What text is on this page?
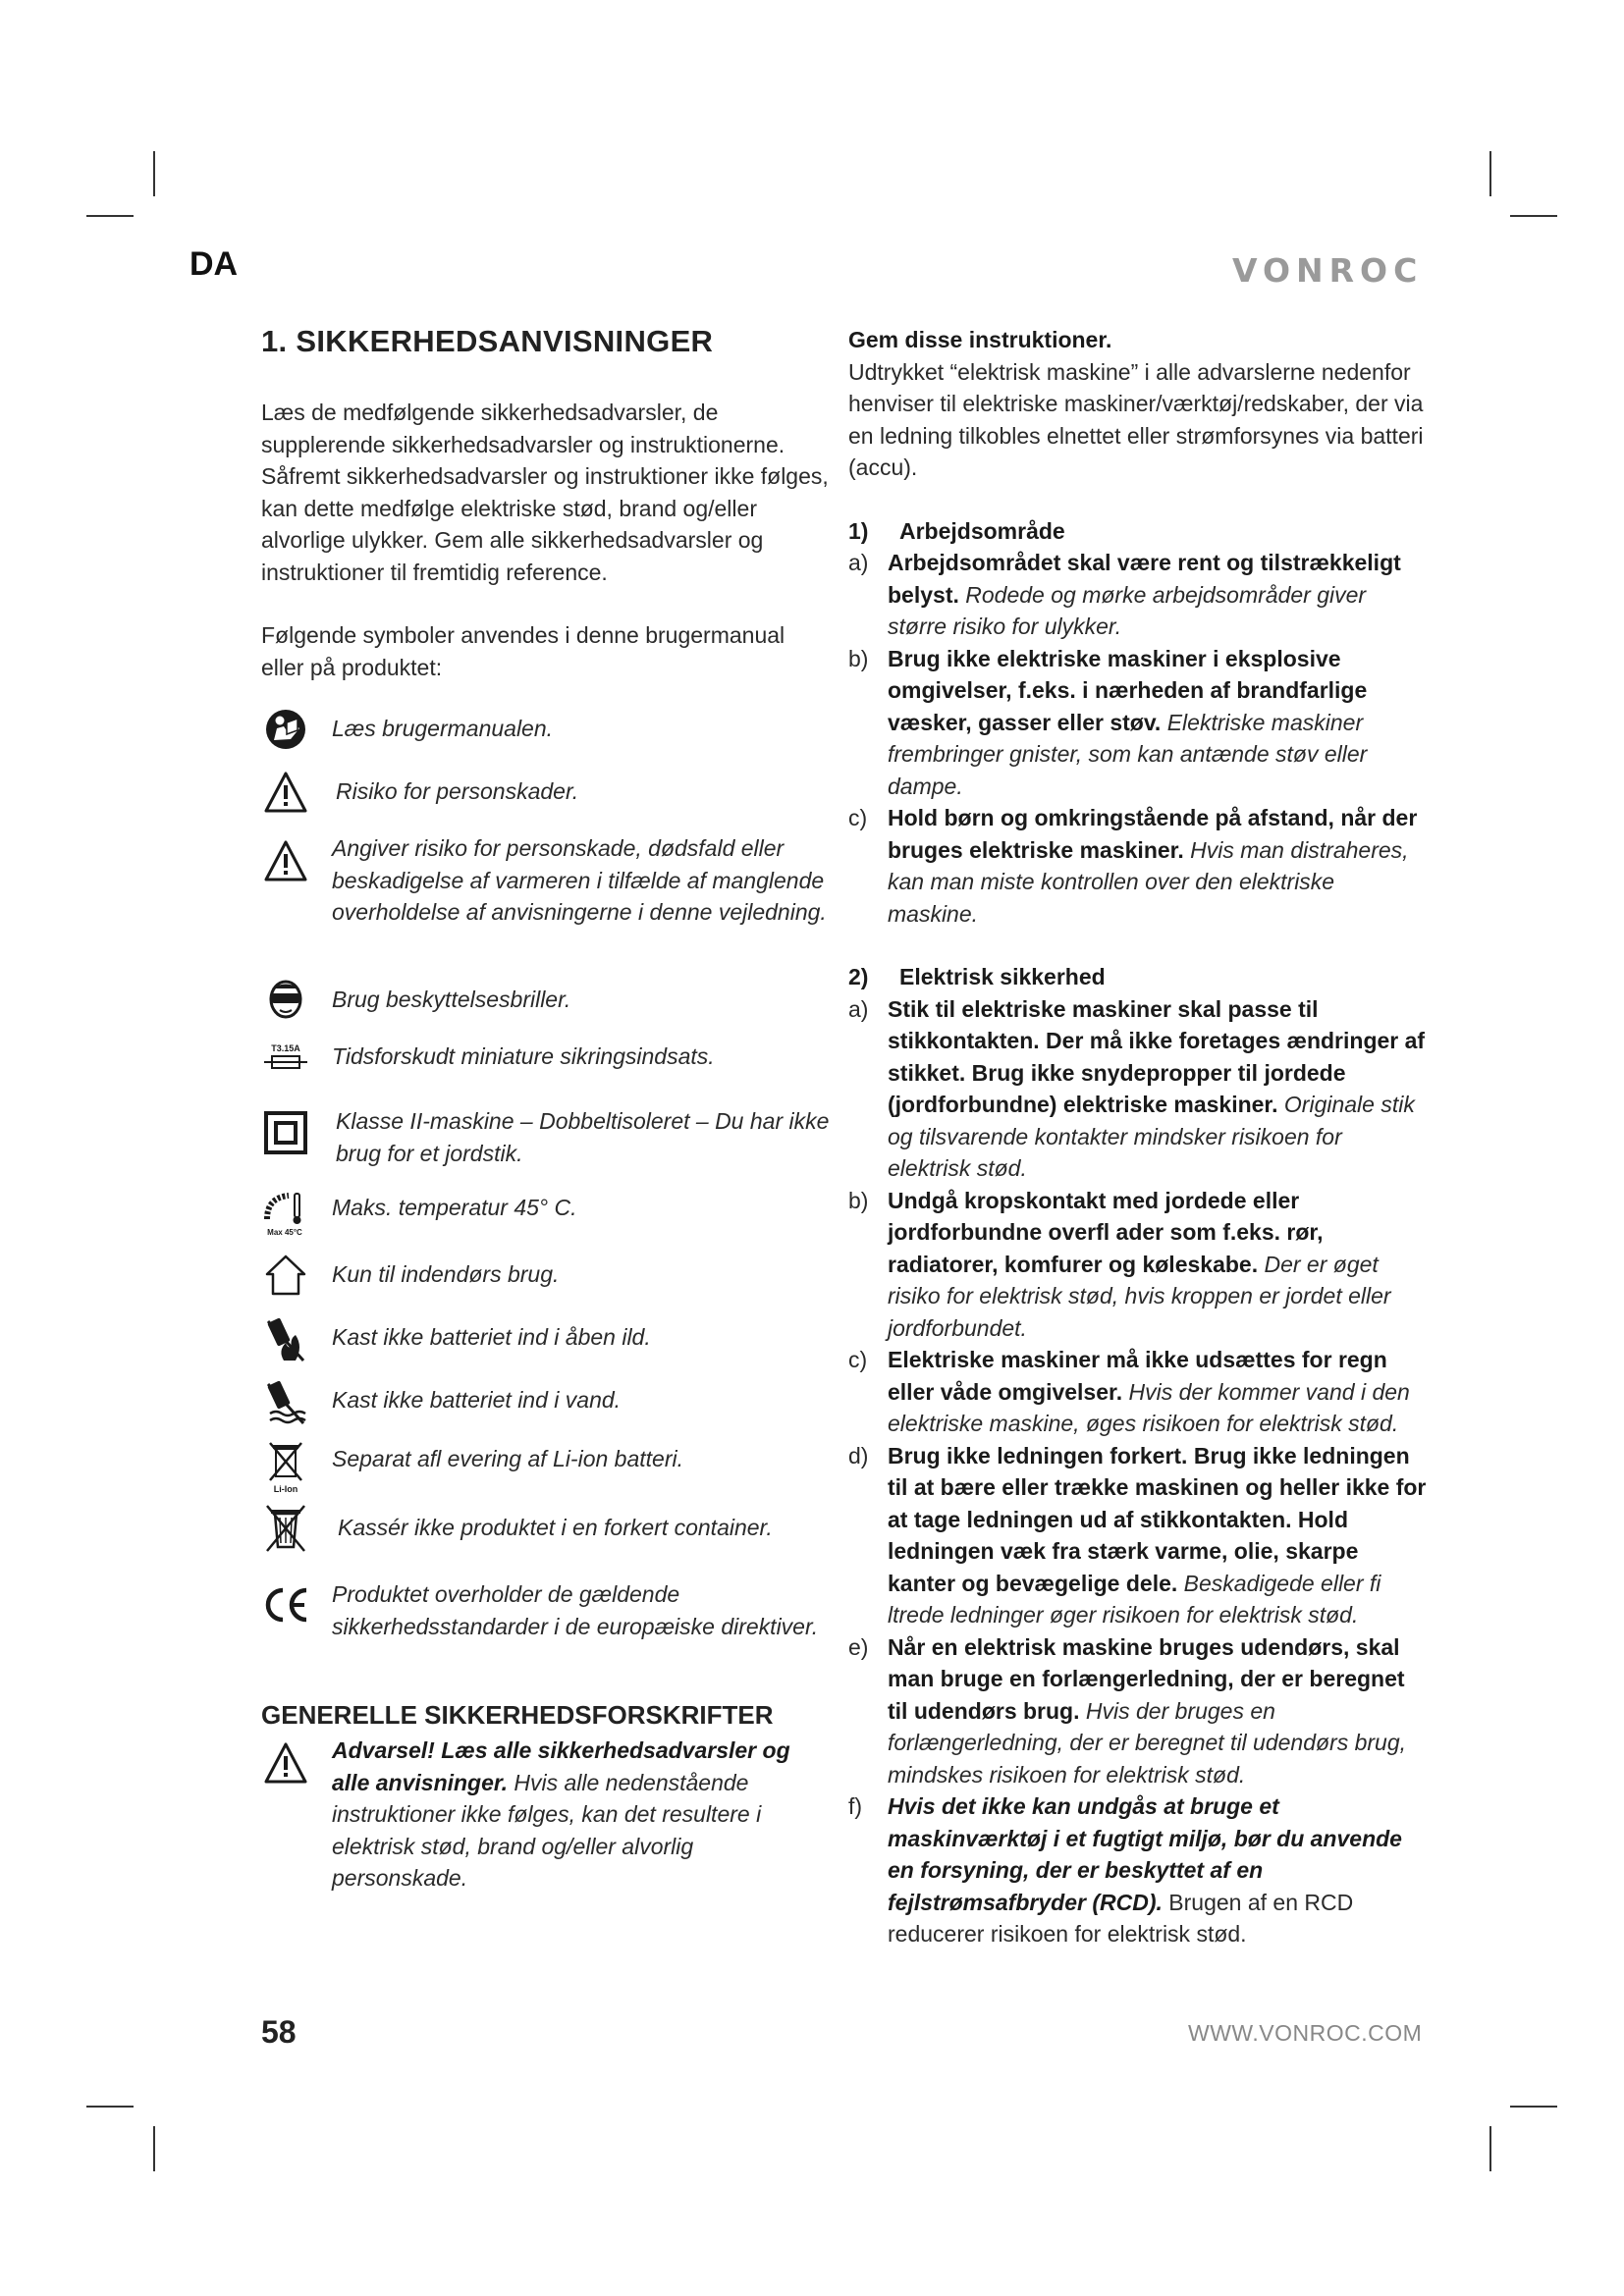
DA	VONROC
1. SIKKERHEDSANVISNINGER

Læs de medfølgende sikkerhedsadvarsler, de supplerende sikkerhedsadvarsler og instruktionerne. Såfremt sikkerhedsadvarsler og instruktioner ikke følges, kan dette medfølge elektriske stød, brand og/eller alvorlige ulykker. Gem alle sikkerhedsadvarsler og instruktioner til fremtidig reference.

Følgende symboler anvendes i denne brugermanual eller på produktet:

Læs brugermanualen.
Risiko for personskader.
Angiver risiko for personskade, dødsfald eller beskadigelse af varmeren i tilfælde af manglende overholdelse af anvisningerne i denne vejledning.
Brug beskyttelsesbriller.
T3.15A Tidsforskudt miniature sikringsindsats.
Klasse II-maskine – Dobbeltisoleret – Du har ikke brug for et jordstik.
Max 45°C
Maks. temperatur 45° C.
Kun til indendørs brug.
Kast ikke batteriet ind i åben ild.
Kast ikke batteriet ind i vand.
Li-Ion
Separat afl evering af Li-ion batteri.
Kassér ikke produktet i en forkert container.
Produktet overholder de gældende sikkerhedsstandarder i de europæiske direktiver.
GENERELLE SIKKERHEDSFORSKRIFTER

Advarsel! Læs alle sikkerhedsadvarsler og alle anvisninger. Hvis alle nedenstående instruktioner ikke følges, kan det resultere i elektrisk stød, brand og/eller alvorlig personskade.

Gem disse instruktioner.

Udtrykket “elektrisk maskine” i alle advarslerne nedenfor henviser til elektriske maskiner/værktøj/redskaber, der via en ledning tilkobles elnettet eller strømforsynes via batteri (accu).

1) Arbejdsområde
a) Arbejdsområdet skal være rent og tilstrækkeligt belyst. Rodede og mørke arbejdsområder giver større risiko for ulykker.
b) Brug ikke elektriske maskiner i eksplosive omgivelser, f.eks. i nærheden af brandfarlige væsker, gasser eller støv. Elektriske maskiner frembringer gnister, som kan antænde støv eller dampe.
c) Hold børn og omkringstående på afstand, når der bruges elektriske maskiner. Hvis man distraheres, kan man miste kontrollen over den elektriske maskine.
2) Elektrisk sikkerhed
a) Stik til elektriske maskiner skal passe til stikkontakten. Der må ikke foretages ændringer af stikket. Brug ikke snydepropper til jordede (jordforbundne) elektriske maskiner. Originale stik og tilsvarende kontakter mindsker risikoen for elektrisk stød.
b) Undgå kropskontakt med jordede eller jordforbundne overfl ader som f.eks. rør, radiatorer, komfurer og køleskabe. Der er øget risiko for elektrisk stød, hvis kroppen er jordet eller jordforbundet.
c) Elektriske maskiner må ikke udsættes for regn eller våde omgivelser. Hvis der kommer vand i den elektriske maskine, øges risikoen for elektrisk stød.
d) Brug ikke ledningen forkert. Brug ikke ledningen til at bære eller trække maskinen og heller ikke for at tage ledningen ud af stikkontakten. Hold ledningen væk fra stærk varme, olie, skarpe kanter og bevægelige dele. Beskadigede eller fi ltrede ledninger øger risikoen for elektrisk stød.
e) Når en elektrisk maskine bruges udendørs, skal man bruge en forlængerledning, der er beregnet til udendørs brug. Hvis der bruges en forlængerledning, der er beregnet til udendørs brug, mindskes risikoen for elektrisk stød.
f)	Hvis det ikke kan undgås at bruge et maskinværktøj i et fugtigt miljø, bør du anvende en forsyning, der er beskyttet af en fejlstrømsafbryder (RCD). Brugen af en RCD reducerer risikoen for elektrisk stød.
58	WWW.VONROC.COM
